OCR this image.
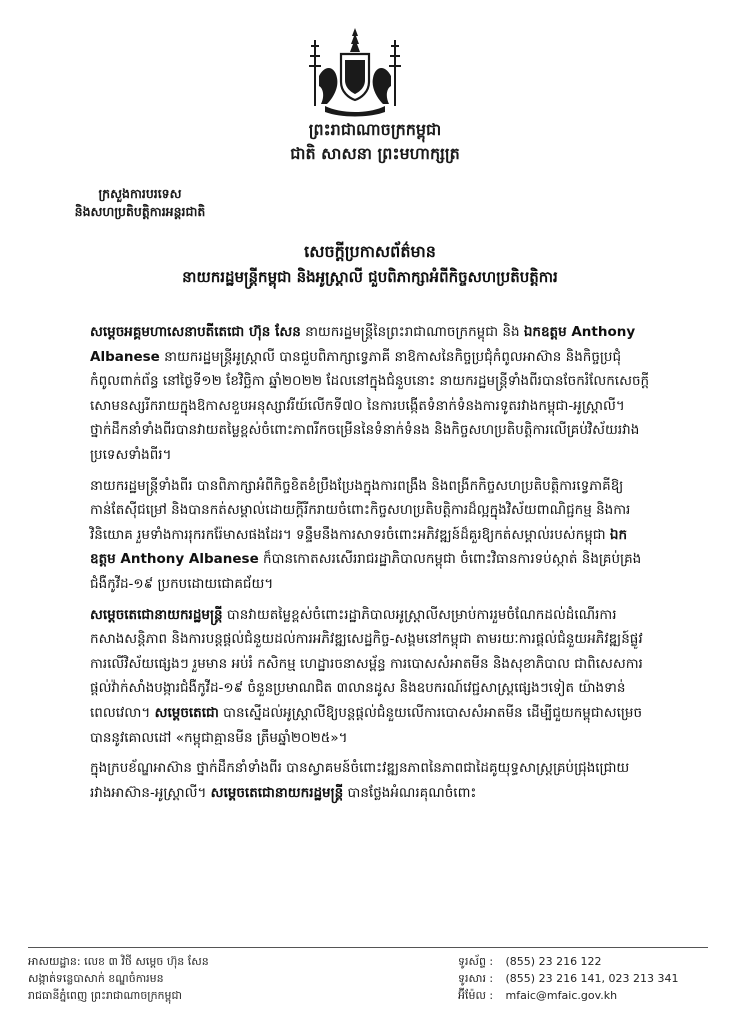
ព្រះរាជាណាចក្រកម្ពុជា
ជាតិ សាសនា ព្រះមហាក្សត្រ
ក្រសួងការបរទេស
និងសហប្រតិបត្តិការអន្តរជាតិ
សេចក្ដីប្រកាសព័ត៌មាន
នាយករដ្ឋមន្ត្រីកម្ពុជា និងអូស្ត្រាលី ជួបពិភាក្សាអំពីកិច្ចសហប្រតិបត្តិការ

សម្ដេចអគ្គមហាសេនាបតីតេជោ ហ៊ុន សែន នាយករដ្ឋមន្ត្រីនៃព្រះរាជាណាចក្រកម្ពុជា និង ឯកឧត្តម Anthony Albanese នាយករដ្ឋមន្ត្រីអូស្ត្រាលី បានជួបពិភាក្សាទ្វេភាគី នាឱកាសនៃកិច្ចប្រជុំកំពូលអាស៊ាន និងកិច្ចប្រជុំកំពូលពាក់ព័ន្ធ នៅថ្ងៃទី១២ ខែវិច្ឆិកា ឆ្នាំ២០២២ ដែលនៅក្នុងជំនួបនោះ នាយករដ្ឋមន្ត្រីទាំងពីរបានចែករំលែកសេចក្តីសោមនស្សរីករាយក្នុងឱកាសខួបអនុស្សាវរីយ៍លើកទី៧០ នៃការបង្កើតទំនាក់ទំនងការទូតរវាងកម្ពុជា-អូស្ត្រាលី។ ថ្នាក់ដឹកនាំទាំងពីរបានវាយតម្លៃខ្ពស់ចំពោះភាពរីកចម្រើននៃទំនាក់ទំនង និងកិច្ចសហប្រតិបត្តិការលើគ្រប់វិស័យរវាងប្រទេសទាំងពីរ។

នាយករដ្ឋមន្ត្រីទាំងពីរ បានពិភាក្សាអំពីកិច្ចខិតខំប្រឹងប្រែងក្នុងការពង្រឹង និងពង្រីកកិច្ចសហប្រតិបត្តិការទ្វេភាគីឱ្យកាន់តែស៊ីជម្រៅ និងបានកត់សម្គាល់ដោយក្ដីរីករាយចំពោះកិច្ចសហប្រតិបត្តិការដ៏ល្អក្នុងវិស័យពាណិជ្ជកម្ម និងការវិនិយោគ រួមទាំងការរុករករ៉ែមាសផងដែរ។ ទន្ទឹមនឹងការសាទរចំពោះអភិវឌ្ឍន៍ដ៏គួរឱ្យកត់សម្គាល់របស់កម្ពុជា ឯកឧត្តម Anthony Albanese ក៏បានកោតសរសើររាជរដ្ឋាភិបាលកម្ពុជា ចំពោះវិធានការទប់ស្កាត់ និងគ្រប់គ្រងជំងឺកូវីដ-១៩ ប្រកបដោយជោគជ័យ។

សម្ដេចតេជោនាយករដ្ឋមន្ត្រី បានវាយតម្លៃខ្ពស់ចំពោះរដ្ឋាភិបាលអូស្ត្រាលីសម្រាប់ការរួមចំណែកដល់ដំណើរការកសាងសន្តិភាព និងការបន្តផ្តល់ជំនួយដល់ការអភិវឌ្ឍសេដ្ឋកិច្ច-សង្គមនៅកម្ពុជា តាមរយៈការផ្តល់ជំនួយអភិវឌ្ឍន៍ផ្លូវការលើវិស័យផ្សេងៗ រួមមាន អប់រំ កសិកម្ម ហេដ្ឋារចនាសម្ព័ន្ធ ការបោសសំអាតមីន និងសុខាភិបាល ជាពិសេសការផ្ដល់វ៉ាក់សាំងបង្ការជំងឺកូវីដ-១៩ ចំនួនប្រមាណជិត ៣លានដូស និងឧបករណ៍វេជ្ជសាស្ត្រផ្សេងៗទៀត យ៉ាងទាន់ពេលវេលា។ សម្ដេចតេជោ បានស្នើដល់អូស្ត្រាលីឱ្យបន្តផ្តល់ជំនួយលើការបោសសំអាតមីន ដើម្បីជួយកម្ពុជាសម្រេចបាននូវគោលដៅ «កម្ពុជាគ្មានមីន ត្រឹមឆ្នាំ២០២៥»។

ក្នុងក្របខ័ណ្ឌអាស៊ាន ថ្នាក់ដឹកនាំទាំងពីរ បានស្វាគមន៍ចំពោះវឌ្ឍនភាពនៃភាពជាដៃគូយុទ្ធសាស្ត្រគ្រប់ជ្រុងជ្រោយរវាងអាស៊ាន-អូស្ត្រាលី។ សម្ដេចតេជោនាយករដ្ឋមន្ត្រី បានថ្លែងអំណរគុណចំពោះ

អាសយដ្ឋាន: លេខ ៣ វិថី សម្ដេច ហ៊ុន សែន
សង្កាត់ទន្លេបាសាក់ ខណ្ឌចំការមន
រាជធានីភ្នំពេញ ព្រះរាជាណាចក្រកម្ពុជា
ទូរស័ព្ទ : (855) 23 216 122
ទូរសារ : (855) 23 216 141, 023 213 341
អ៊ីម៉ែល : mfaic@mfaic.gov.kh
